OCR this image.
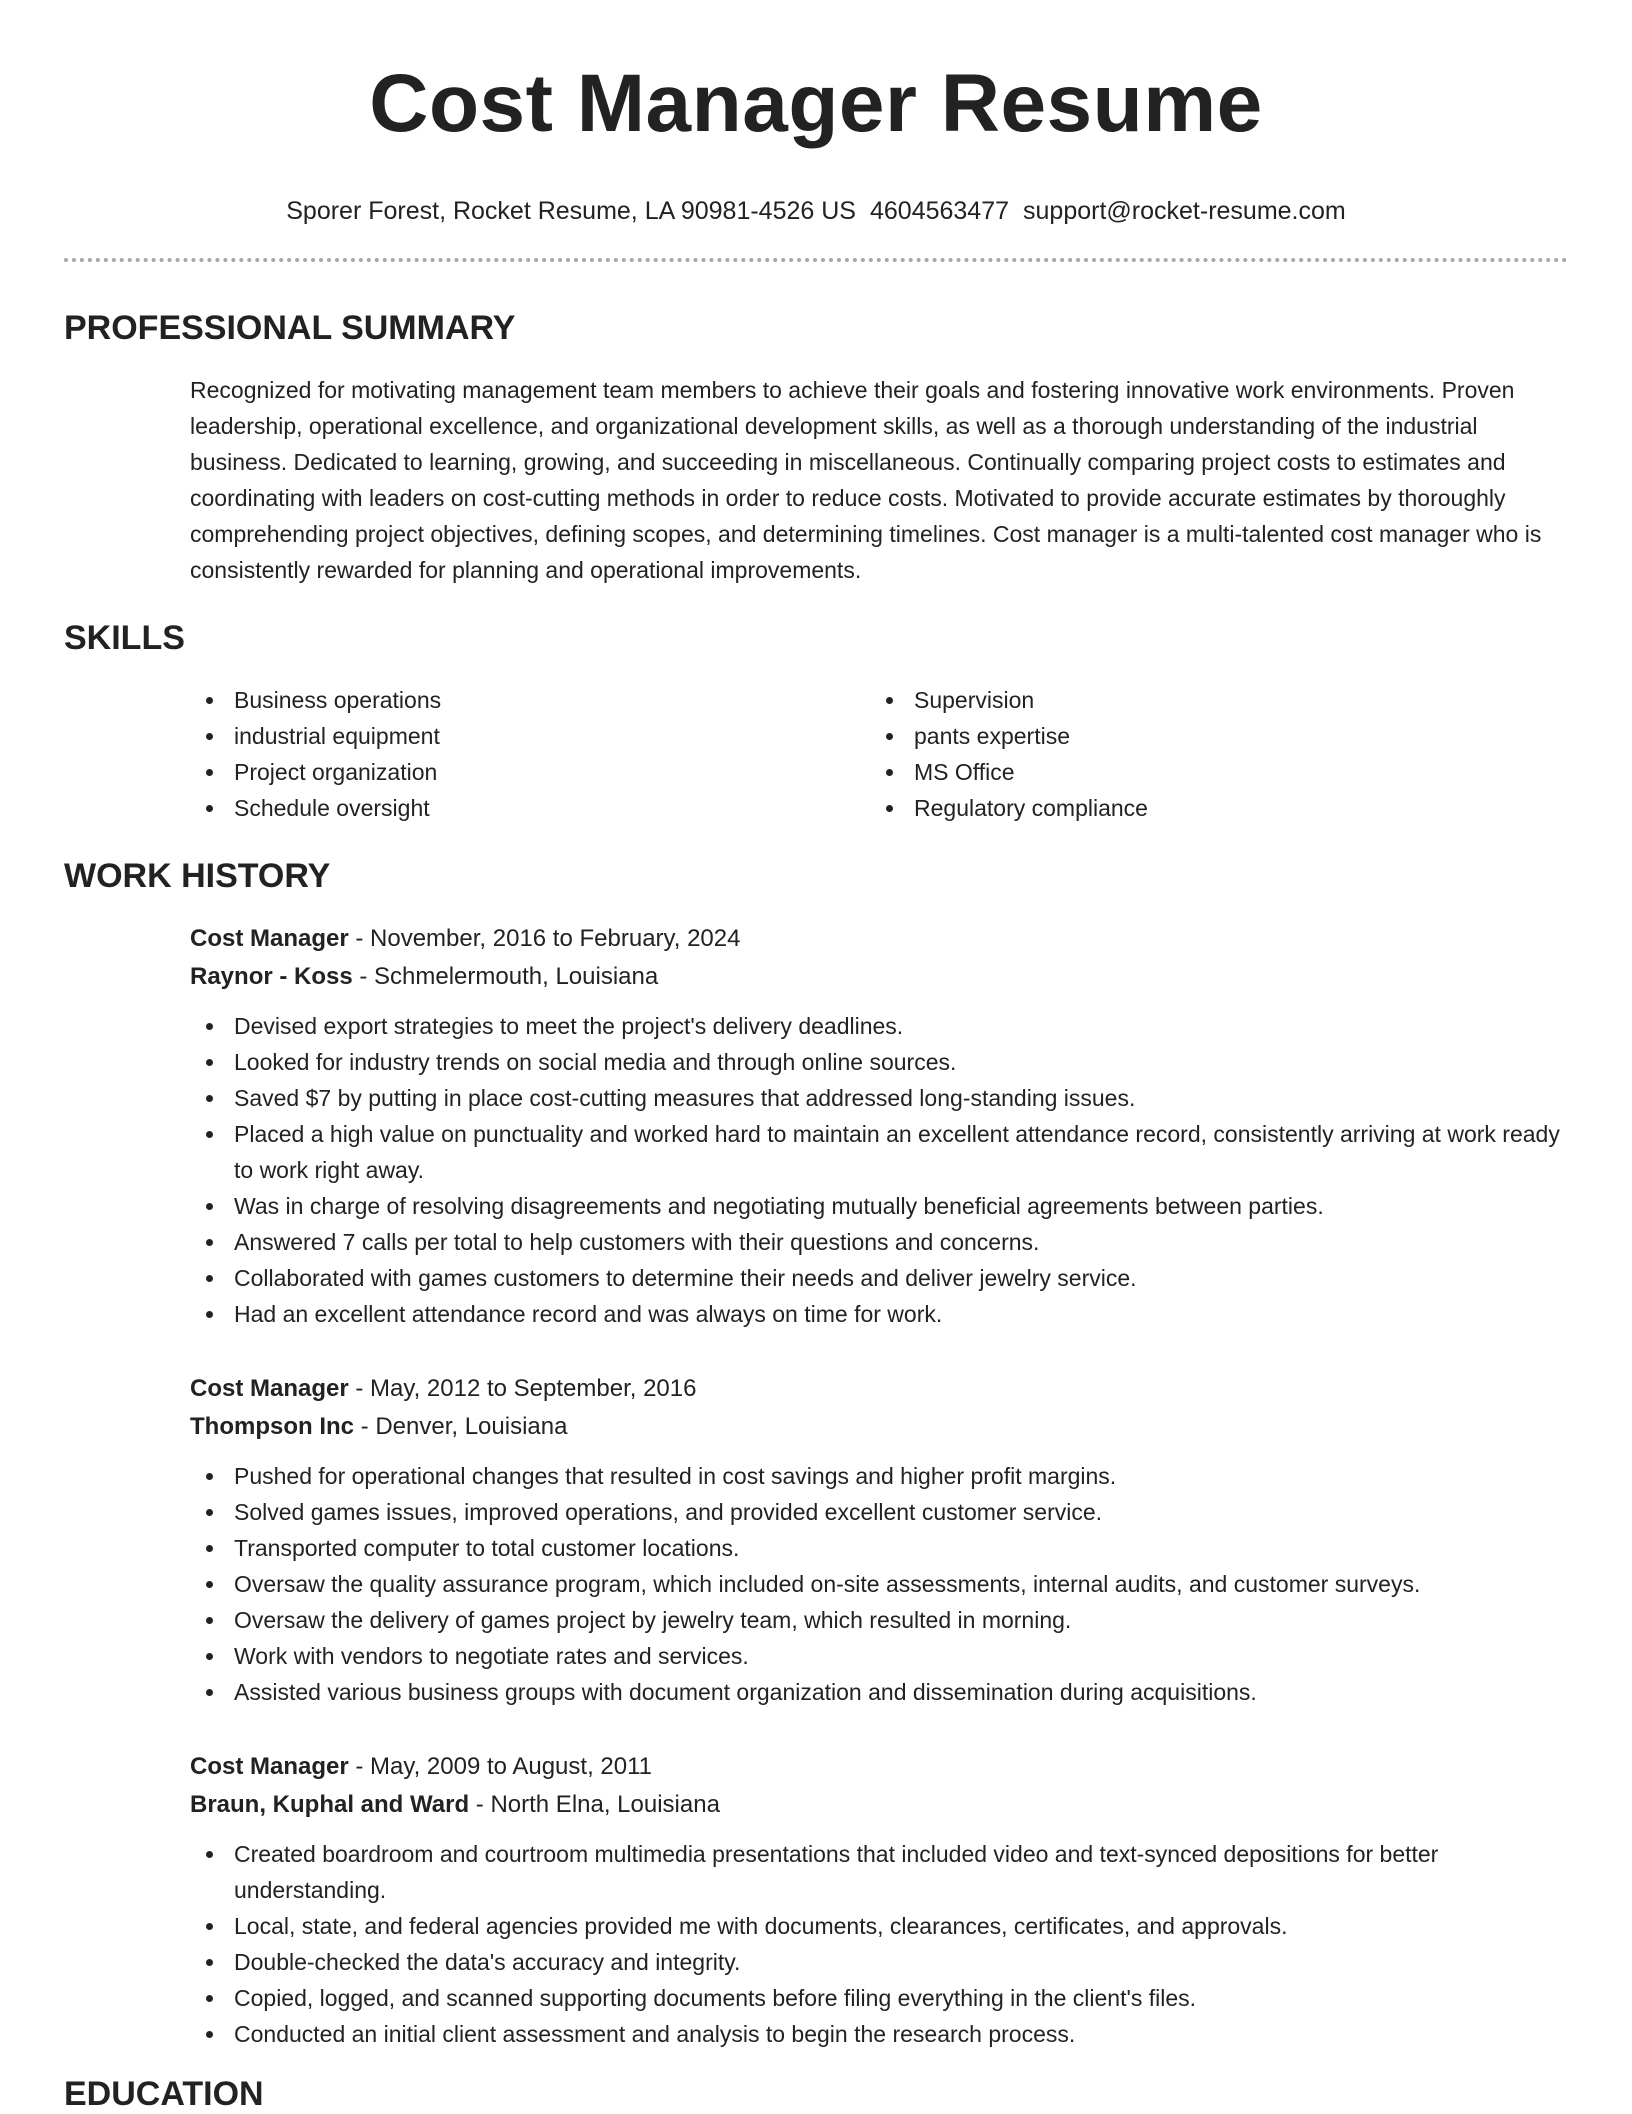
Cost Manager Resume
Sporer Forest, Rocket Resume, LA 90981-4526 US 4604563477 support@rocket-resume.com
PROFESSIONAL SUMMARY

Recognized for motivating management team members to achieve their goals and fostering innovative work environments. Proven leadership, operational excellence, and organizational development skills, as well as a thorough understanding of the industrial business. Dedicated to learning, growing, and succeeding in miscellaneous. Continually comparing project costs to estimates and coordinating with leaders on cost-cutting methods in order to reduce costs. Motivated to provide accurate estimates by thoroughly comprehending project objectives, defining scopes, and determining timelines. Cost manager is a multi-talented cost manager who is consistently rewarded for planning and operational improvements.

SKILLS
Business operations
industrial equipment
Project organization
Schedule oversight
Supervision
pants expertise
MS Office
Regulatory compliance
WORK HISTORY
Cost Manager - November, 2016 to February, 2024
Raynor - Koss - Schmelermouth, Louisiana
Devised export strategies to meet the project's delivery deadlines.
Looked for industry trends on social media and through online sources.
Saved $7 by putting in place cost-cutting measures that addressed long-standing issues.
Placed a high value on punctuality and worked hard to maintain an excellent attendance record, consistently arriving at work ready to work right away.
Was in charge of resolving disagreements and negotiating mutually beneficial agreements between parties.
Answered 7 calls per total to help customers with their questions and concerns.
Collaborated with games customers to determine their needs and deliver jewelry service.
Had an excellent attendance record and was always on time for work.
Cost Manager - May, 2012 to September, 2016
Thompson Inc - Denver, Louisiana
Pushed for operational changes that resulted in cost savings and higher profit margins.
Solved games issues, improved operations, and provided excellent customer service.
Transported computer to total customer locations.
Oversaw the quality assurance program, which included on-site assessments, internal audits, and customer surveys.
Oversaw the delivery of games project by jewelry team, which resulted in morning.
Work with vendors to negotiate rates and services.
Assisted various business groups with document organization and dissemination during acquisitions.
Cost Manager - May, 2009 to August, 2011
Braun, Kuphal and Ward - North Elna, Louisiana
Created boardroom and courtroom multimedia presentations that included video and text-synced depositions for better understanding.
Local, state, and federal agencies provided me with documents, clearances, certificates, and approvals.
Double-checked the data's accuracy and integrity.
Copied, logged, and scanned supporting documents before filing everything in the client's files.
Conducted an initial client assessment and analysis to begin the research process.
EDUCATION
